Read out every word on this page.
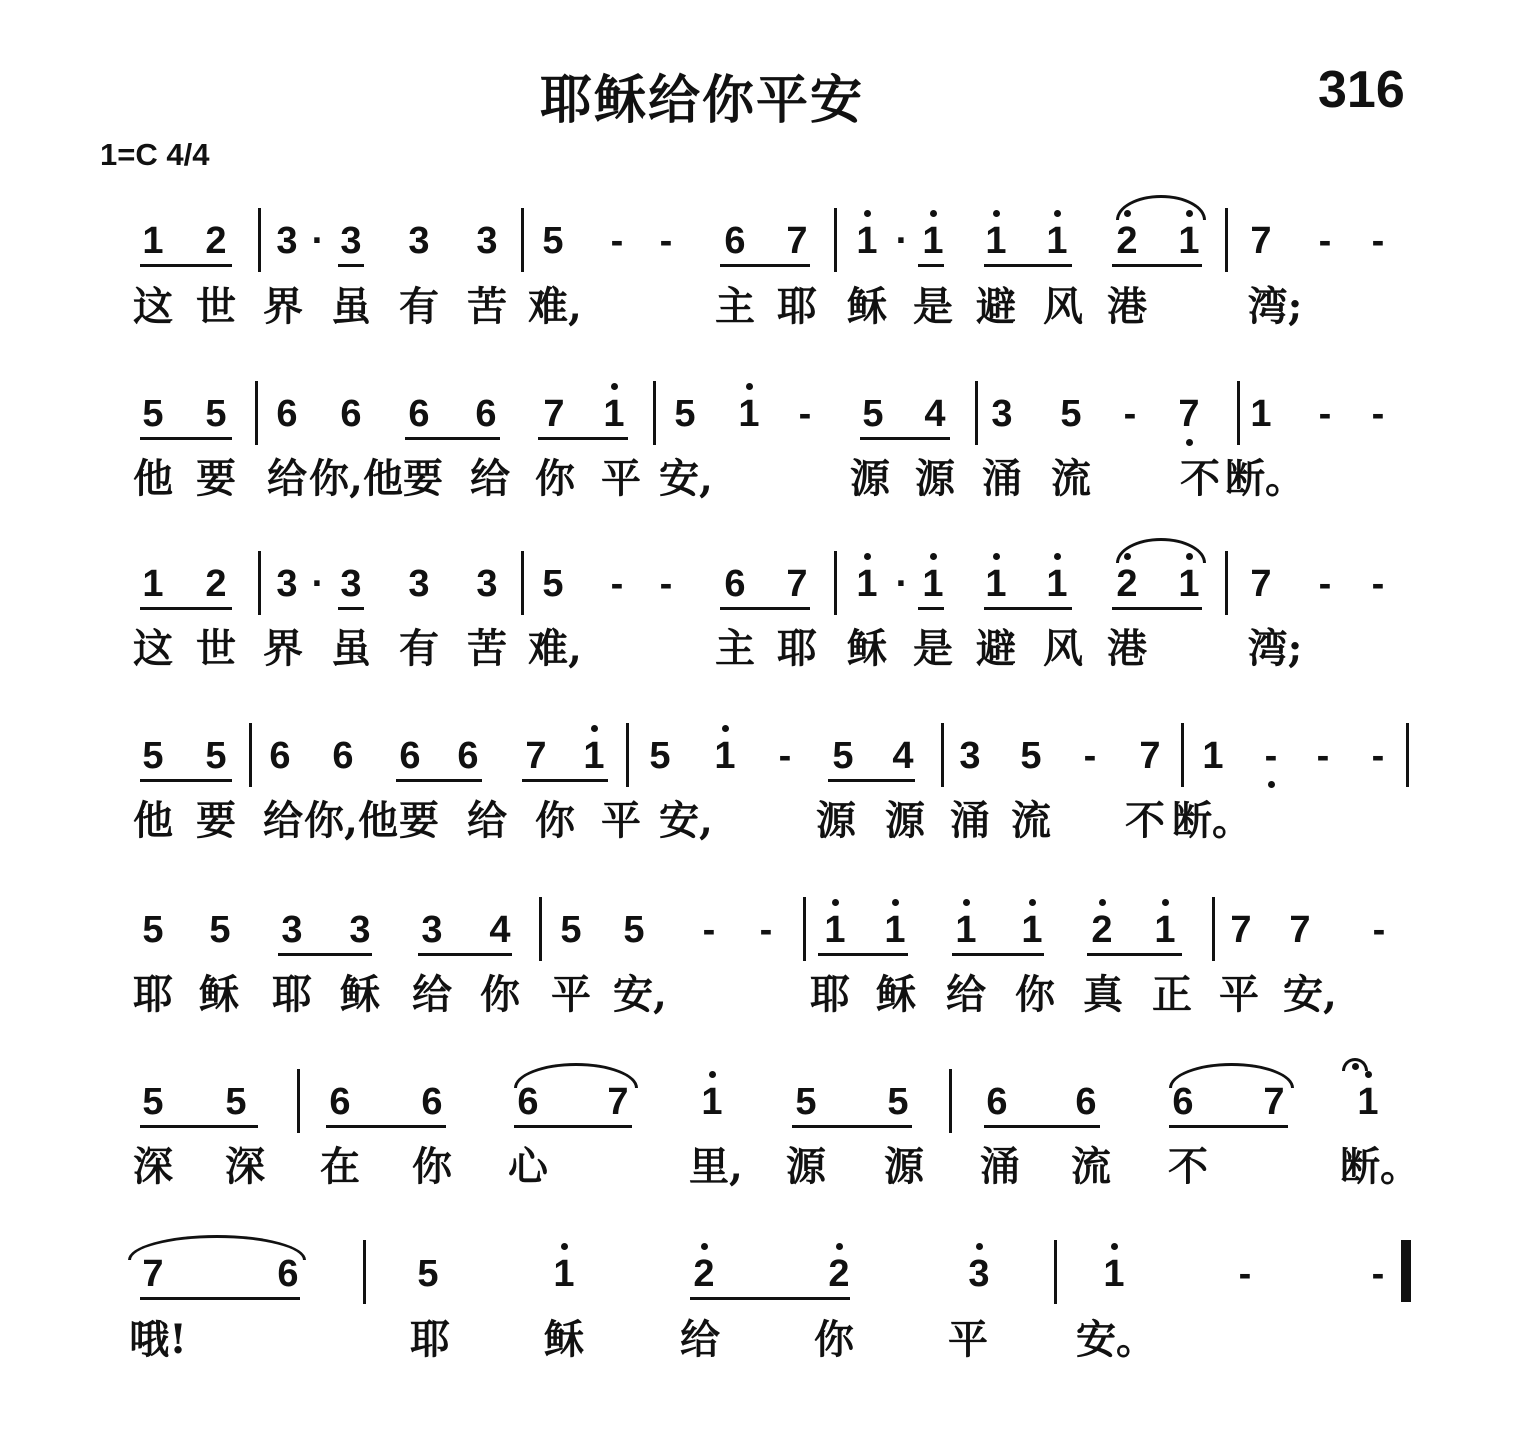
耶稣给你平安	316
1=C 4/4
1 2 3 · 3 3 3 5 - - 6 7 1 · 1 1 1 2 1 7 - -
这 世 界 虽 有 苦 难,	主 耶 稣 是 避 风 港	湾;
5 5 6 6 6 6 7 1 5 1 - 5 4 3 5 - 7 1 - -
他 要 给 你,他 要 给 你 平 安,	源 源 涌 流 不 断。
1 2 3 · 3 3 3 5 - - 6 7 1 · 1 1 1 2 1 7 - -
这 世 界 虽 有 苦 难,	主 耶 稣 是 避 风 港	湾;
5 5 6 6 6 6 7 1 5 1 - 5 4 3 5 - 7 1 - - -
他 要 给 你,他 要 给 你 平 安,	源 源 涌 流 不 断。
5 5 3 3 3 4 5 5 - - 1 1 1 1 2 1 7 7 -
耶 稣 耶 稣 给 你 平 安,	耶 稣 给 你 真 正 平 安,
5 5 6 6 6 7 1 5 5 6 6 6 7 1
深 深 在 你 心	里, 源 源 涌 流 不	断。
7	6	5	1	2	2	3	1	-	-
哦!	耶 稣 给 你 平 安。
